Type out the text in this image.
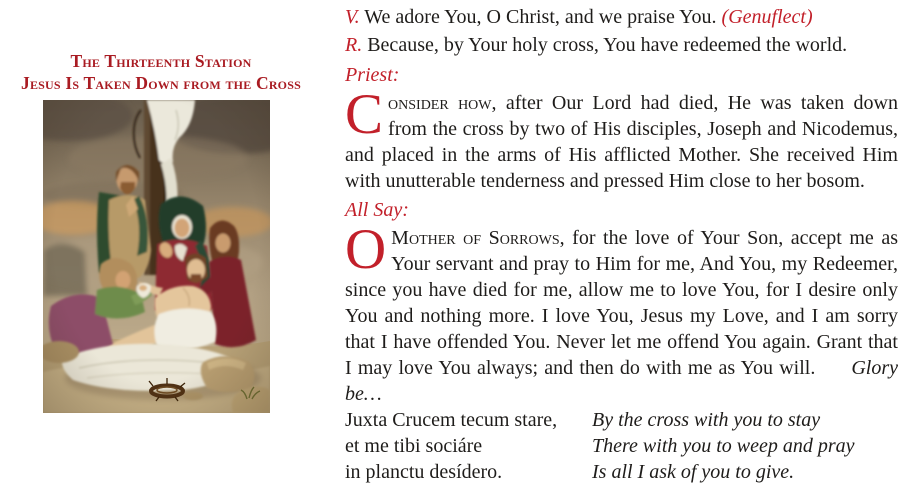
The Thirteenth Station
Jesus Is Taken Down from the Cross
V. We adore You, O Christ, and we praise You. (Genuflect)
R. Because, by Your holy cross, You have redeemed the world.
Priest:

Consider how, after Our Lord had died, He was taken down from the cross by two of His disciples, Joseph and Nicodemus, and placed in the arms of His afflicted Mother. She received Him with unutterable tenderness and pressed Him close to her bosom.

All Say:

O Mother of Sorrows, for the love of Your Son, accept me as Your servant and pray to Him for me, And You, my Redeemer, since you have died for me, allow me to love You, for I desire only You and nothing more. I love You, Jesus my Love, and I am sorry that I have offended You. Never let me offend You again. Grant that I may love You always; and then do with me as You will. Glory be…

Juxta Crucem tecum stare,
et me tibi sociáre
in planctu desídero.
By the cross with you to stay
There with you to weep and pray
Is all I ask of you to give.
